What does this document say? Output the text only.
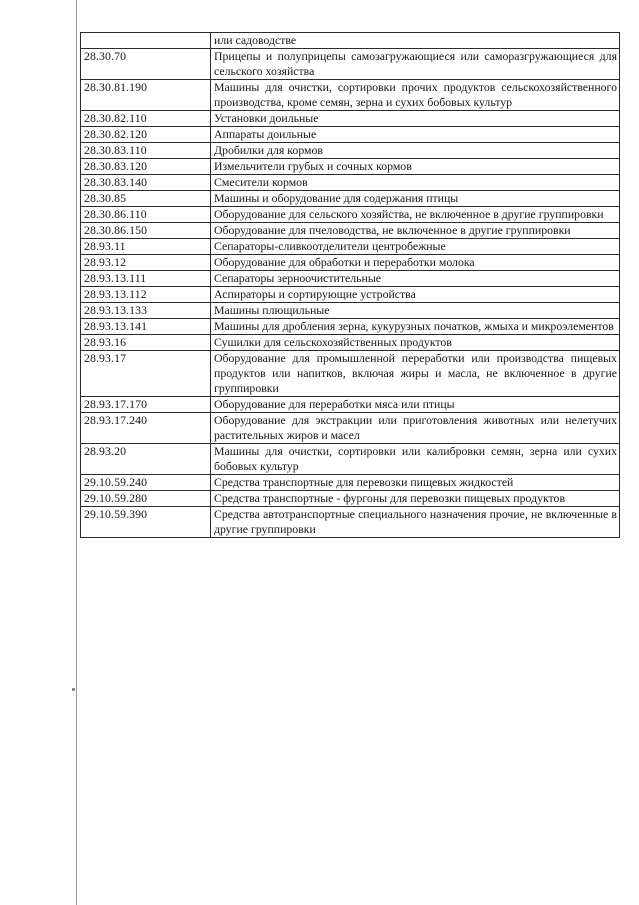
	или садоводстве
28.30.70	Прицепы и полуприцепы самозагружающиеся или саморазгружающиеся для сельского хозяйства
28.30.81.190	Машины для очистки, сортировки прочих продуктов сельскохозяйственного производства, кроме семян, зерна и сухих бобовых культур
28.30.82.110	Установки доильные
28.30.82.120	Аппараты доильные
28.30.83.110	Дробилки для кормов
28.30.83.120	Измельчители грубых и сочных кормов
28.30.83.140	Смесители кормов
28.30.85	Машины и оборудование для содержания птицы
28.30.86.110	Оборудование для сельского хозяйства, не включенное в другие группировки
28.30.86.150	Оборудование для пчеловодства, не включенное в другие группировки
28.93.11	Сепараторы-сливкоотделители центробежные
28.93.12	Оборудование для обработки и переработки молока
28.93.13.111	Сепараторы зерноочистительные
28.93.13.112	Аспираторы и сортирующие устройства
28.93.13.133	Машины плющильные
28.93.13.141	Машины для дробления зерна, кукурузных початков, жмыха и микроэлементов
28.93.16	Сушилки для сельскохозяйственных продуктов
28.93.17	Оборудование для промышленной переработки или производства пищевых продуктов или напитков, включая жиры и масла, не включенное в другие группировки
28.93.17.170	Оборудование для переработки мяса или птицы
28.93.17.240	Оборудование для экстракции или приготовления животных или нелетучих растительных жиров и масел
28.93.20	Машины для очистки, сортировки или калибровки семян, зерна или сухих бобовых культур
29.10.59.240	Средства транспортные для перевозки пищевых жидкостей
29.10.59.280	Средства транспортные - фургоны для перевозки пищевых продуктов
29.10.59.390	Средства автотранспортные специального назначения прочие, не включенные в другие группировки
